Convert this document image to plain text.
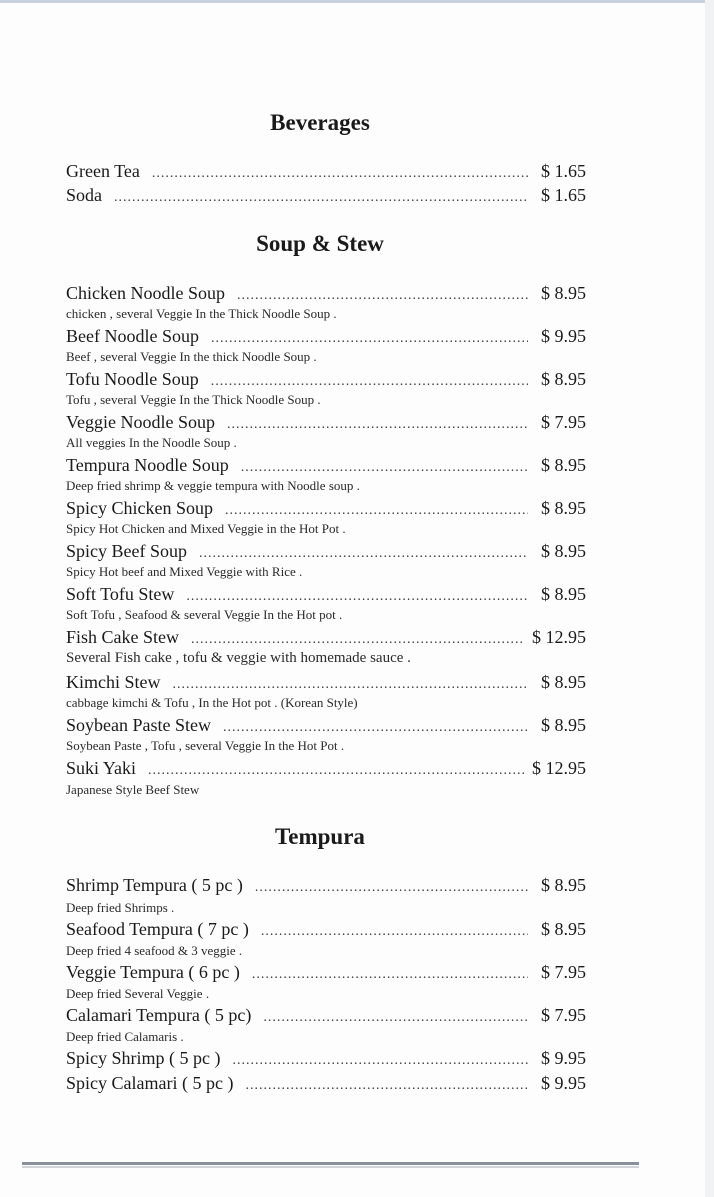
Beverages
Green Tea .....	$ 1.65
Soda .....	$ 1.65
Soup & Stew
Chicken Noodle Soup .....	$ 8.95
chicken , several Veggie In the Thick Noodle Soup .
Beef Noodle Soup .....	$ 9.95
Beef , several Veggie In the thick Noodle Soup .
Tofu Noodle Soup .....	$ 8.95
Tofu , several Veggie In the Thick Noodle Soup .
Veggie Noodle Soup .....	$ 7.95
All veggies In the Noodle Soup .
Tempura Noodle Soup .....	$ 8.95
Deep fried shrimp & veggie tempura with Noodle soup .
Spicy Chicken Soup .....	$ 8.95
Spicy Hot Chicken and Mixed Veggie in the Hot Pot .
Spicy Beef Soup .....	$ 8.95
Spicy Hot beef and Mixed Veggie with Rice .
Soft Tofu Stew .....	$ 8.95
Soft Tofu , Seafood & several Veggie In the Hot pot .
Fish Cake Stew .....	$ 12.95
Several Fish cake , tofu & veggie with homemade sauce .
Kimchi Stew .....	$ 8.95
cabbage kimchi & Tofu , In the Hot pot . (Korean Style)
Soybean Paste Stew .....	$ 8.95
Soybean Paste , Tofu , several Veggie In the Hot Pot .
Suki Yaki .....	$ 12.95
Japanese Style Beef Stew
Tempura
Shrimp Tempura ( 5 pc ) .....	$ 8.95
Deep fried Shrimps .
Seafood Tempura ( 7 pc ) .....	$ 8.95
Deep fried 4 seafood & 3 veggie .
Veggie Tempura ( 6 pc ) .....	$ 7.95
Deep fried Several Veggie .
Calamari Tempura ( 5 pc) .....	$ 7.95
Deep fried Calamaris .
Spicy Shrimp ( 5 pc ) .....	$ 9.95
Spicy Calamari ( 5 pc ) .....	$ 9.95
